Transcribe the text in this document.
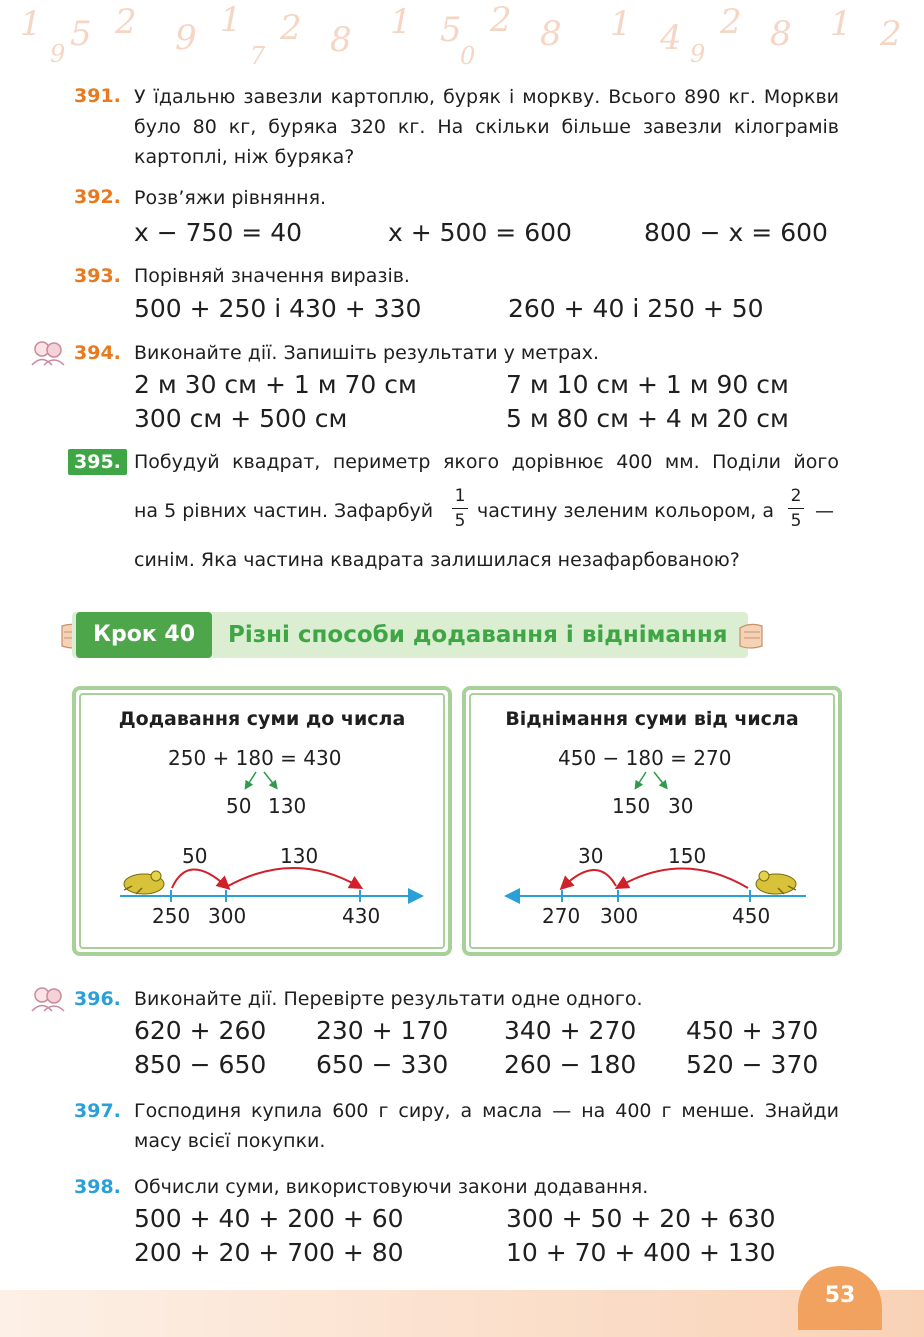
1 5 2 9 1 2 8 1 5 2 8 1 4 2 8 1 2
9	7	0	9
391. У їдальню завезли картоплю, буряк і моркву. Всього 890 кг. Моркви було 80 кг, буряка 320 кг. На скільки більше завезли кілограмів картоплі, ніж буряка?
392. Розв’яжи рівняння.
x − 750 = 40	x + 500 = 600	800 − x = 600
393. Порівняй значення виразів.
500 + 250 і 430 + 330	260 + 40 і 250 + 50
394. Виконайте дії. Запишіть результати у метрах.
2 м 30 см + 1 м 70 см	7 м 10 см + 1 м 90 см
300 см + 500 см	5 м 80 см + 4 м 20 см
395. Побудуй квадрат, периметр якого дорівнює 400 мм. Поділи його
на 5 рівних частин. Зафарбуй
1
5 частину зеленим кольором, а
2
5 —
синім. Яка частина квадрата залишилася незафарбованою?
Крок 40	Різні способи додавання і віднімання
Додавання суми до числа
250 + 180 = 430
50 130
50	130
250 300	430
Віднімання суми від числа
450 − 180 = 270
150 30
30	150
270 300	450
396. Виконайте дії. Перевірте результати одне одного.
620 + 260 230 + 170 340 + 270 450 + 370
850 − 650 650 − 330 260 − 180 520 − 370
397. Господиня купила 600 г сиру, а масла — на 400 г менше. Знайди масу всієї покупки.
398. Обчисли суми, використовуючи закони додавання.
500 + 40 + 200 + 60	300 + 50 + 20 + 630
200 + 20 + 700 + 80	10 + 70 + 400 + 130
53
